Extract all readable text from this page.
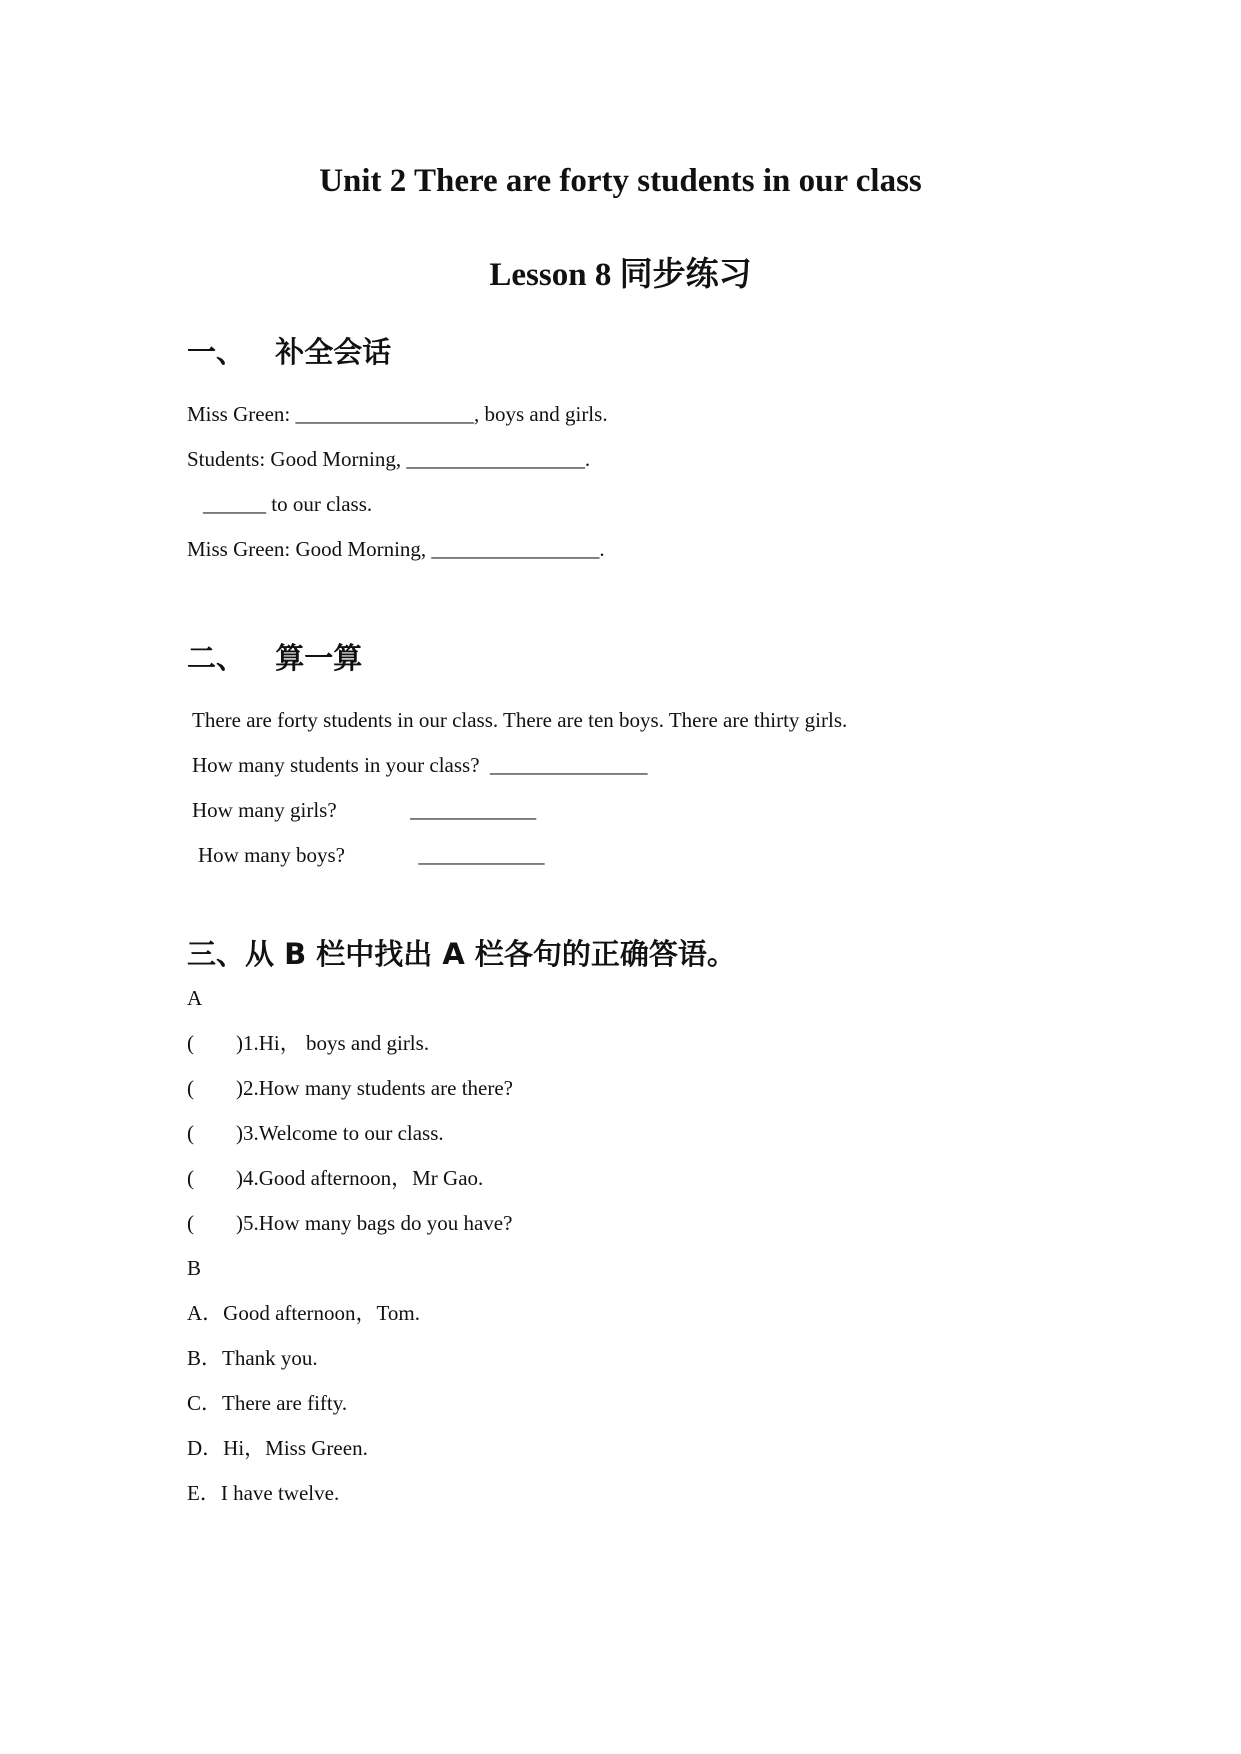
Unit 2 There are forty students in our class
Lesson 8 同步练习
一、   补全会话
Miss Green: _________________, boys and girls.
Students: Good Morning, _________________.
______ to our class.
Miss Green: Good Morning, ________________.
二、   算一算
There are forty students in our class. There are ten boys. There are thirty girls.
How many students in your class?  _______________
How many girls?              ____________
How many boys?              ____________
三、从 B 栏中找出 A 栏各句的正确答语。
A
(        )1.Hi， boys and girls.
(        )2.How many students are there?
(        )3.Welcome to our class.
(        )4.Good afternoon，Mr Gao.
(        )5.How many bags do you have?
B
A．Good afternoon，Tom.
B．Thank you.
C．There are fifty.
D．Hi，Miss Green.
E．I have twelve.
